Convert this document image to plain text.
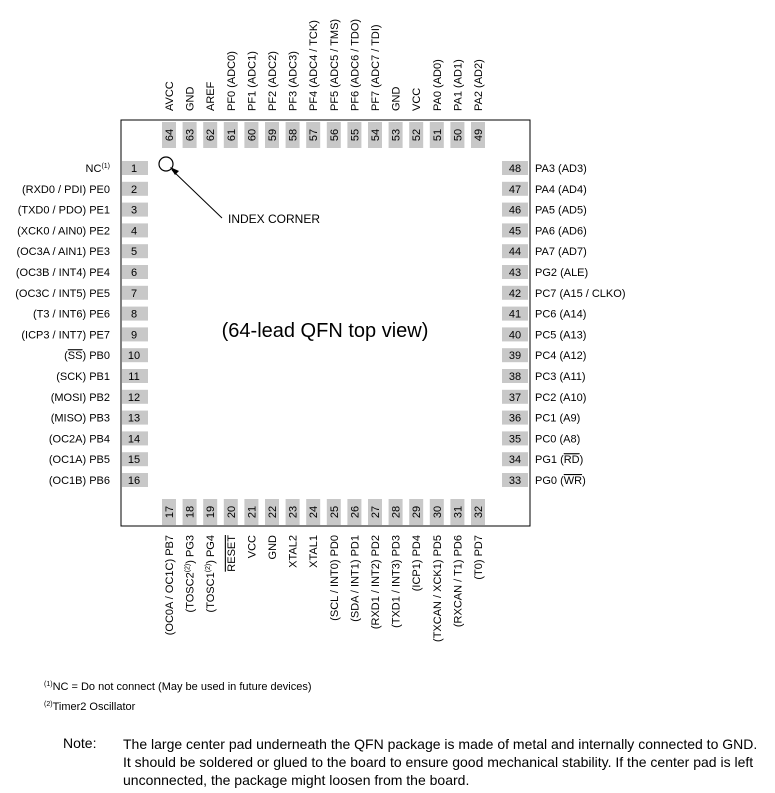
1
NC$^{(1)}$
2
(RXD0 / PDI) PE0
3
(TXD0 / PDO) PE1
4
(XCK0 / AIN0) PE2
5
(OC3A / AIN1) PE3
6
(OC3B / INT4) PE4
7
(OC3C / INT5) PE5
8
(T3 / INT6) PE6
9
(ICP3 / INT7) PE7
10
(SS) PB0
11
(SCK) PB1
12
(MOSI) PB2
13
(MISO) PB3
14
(OC2A) PB4
15
(OC1A) PB5
16
(OC1B) PB6
48 PA3 (AD3)
47 PA4 (AD4)
46 PA5 (AD5)
45 PA6 (AD6)
44 PA7 (AD7)
43 PG2 (ALE)
42 PC7 (A15 / CLKO)
41 PC6 (A14)
40 PC5 (A13)
39 PC4 (A12)
38 PC3 (A11)
37 PC2 (A10)
36 PC1 (A9)
35 PC0 (A8)
34 PG1 (RD)
33 PG0 (WR)
64
AVCC
63
GND
62
AREF
61
PF0 (ADC0)
60
PF1 (ADC1)
59
PF2 (ADC2)
58
PF3 (ADC3)
57
PF4 (ADC4 / TCK)
56
PF5 (ADC5 / TMS)
55
PF6 (ADC6 / TDO)
54
PF7 (ADC7 / TDI)
53
GND
52
VCC
51
PA0 (AD0)
50
PA1 (AD1)
49
PA2 (AD2)
17
(OC0A / OC1C) PB7
18
(TOSC2$^{(2)}$) PG3
19
(TOSC1$^{(2)}$) PG4
20
RESET
21
VCC
22
GND
23
XTAL2
24
XTAL1
25
(SCL / INT0) PD0
26
(SDA / INT1) PD1
27
(RXD1 / INT2) PD2
28
(TXD1 / INT3) PD3
29
(ICP1) PD4
30
(TXCAN / XCK1) PD5
31
(RXCAN / T1) PD6
32
(T0) PD7
INDEX CORNER
(64-lead QFN top view)
$^{(1)}$NC = Do not connect (May be used in future devices)
$^{(2)}$Timer2 Oscillator
Note: The large center pad underneath the QFN package is made of metal and internally connected to GND. It should be soldered or glued to the board to ensure good mechanical stability. If the center pad is left unconnected, the package might loosen from the board.
